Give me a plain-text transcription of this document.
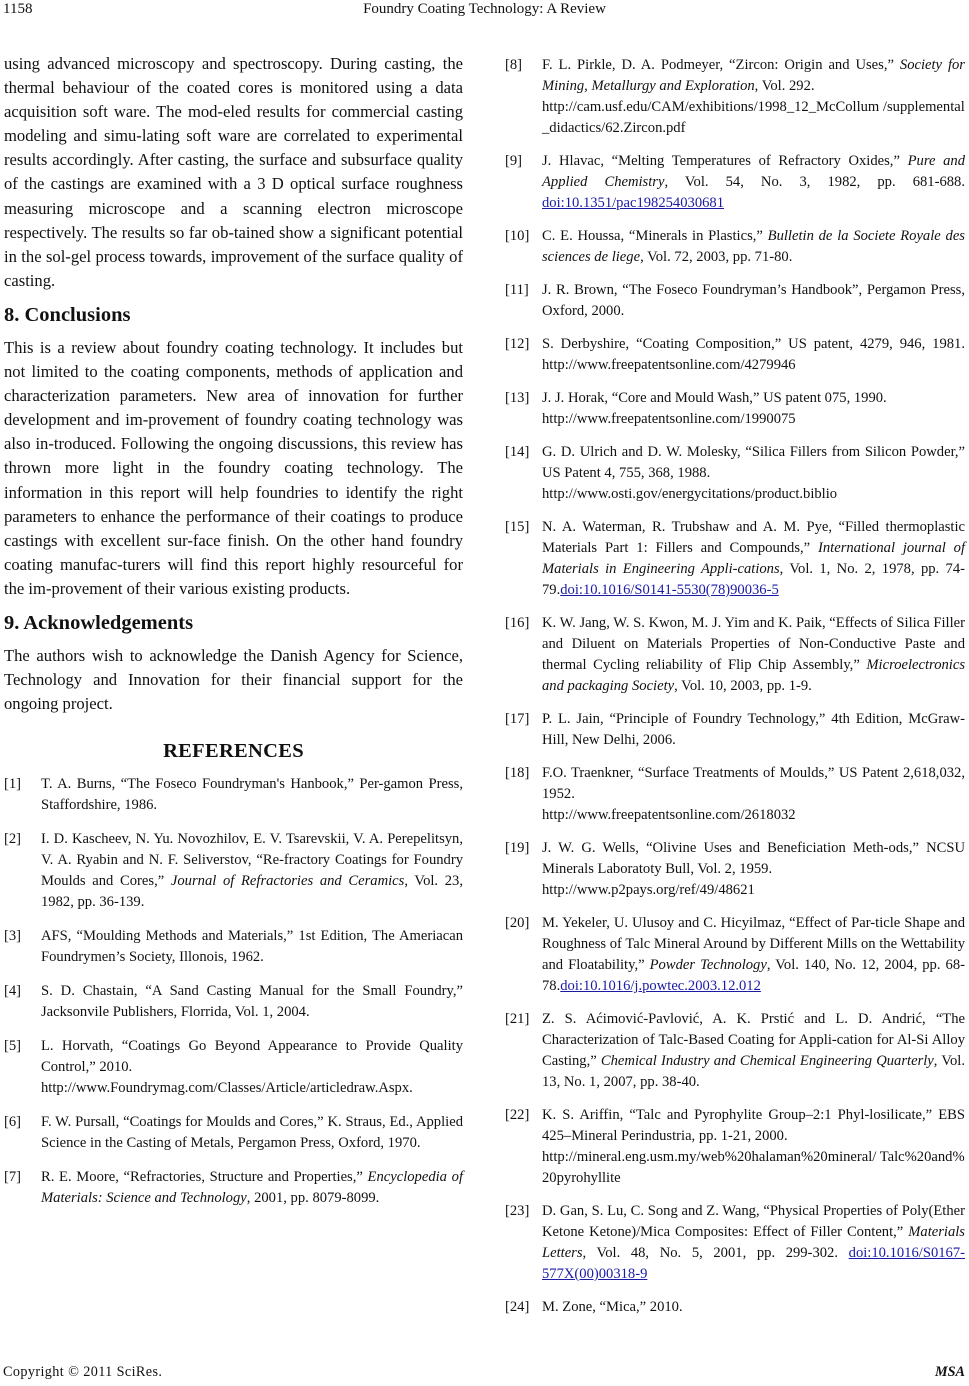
1158	Foundry Coating Technology: A Review

using advanced microscopy and spectroscopy. During casting, the thermal behaviour of the coated cores is monitored using a data acquisition soft ware. The mod-eled results for commercial casting modeling and simu-lating soft ware are correlated to experimental results accordingly. After casting, the surface and subsurface quality of the castings are examined with a 3 D optical surface roughness measuring microscope and a scanning electron microscope respectively. The results so far ob-tained show a significant potential in the sol-gel process towards, improvement of the surface quality of casting.

8. Conclusions

This is a review about foundry coating technology. It includes but not limited to the coating components, methods of application and characterization parameters. New area of innovation for further development and im-provement of foundry coating technology was also in-troduced. Following the ongoing discussions, this review has thrown more light in the foundry coating technology. The information in this report will help foundries to identify the right parameters to enhance the performance of their coatings to produce castings with excellent sur-face finish. On the other hand foundry coating manufac-turers will find this report highly resourceful for the im-provement of their various existing products.

9. Acknowledgements

The authors wish to acknowledge the Danish Agency for Science, Technology and Innovation for their financial support for the ongoing project.

REFERENCES
[1]	T. A. Burns, “The Foseco Foundryman's Hanbook,” Per-gamon Press, Staffordshire, 1986.
[2]	I. D. Kascheev, N. Yu. Novozhilov, E. V. Tsarevskii, V. A. Perepelitsyn, V. A. Ryabin and N. F. Seliverstov, “Re-fractory Coatings for Foundry Moulds and Cores,” Journal of Refractories and Ceramics, Vol. 23, 1982, pp. 36-139.
[3]	AFS, “Moulding Methods and Materials,” 1st Edition, The Ameriacan Foundrymen’s Society, Illonois, 1962.
[4]	S. D. Chastain, “A Sand Casting Manual for the Small Foundry,” Jacksonvile Publishers, Florrida, Vol. 1, 2004.
[5]	L. Horvath, “Coatings Go Beyond Appearance to Provide Quality Control,” 2010.
http://www.Foundrymag.com/Classes/Article/articledraw.Aspx.
[6]	F. W. Pursall, “Coatings for Moulds and Cores,” K. Straus, Ed., Applied Science in the Casting of Metals, Pergamon Press, Oxford, 1970.
[7]	R. E. Moore, “Refractories, Structure and Properties,” Encyclopedia of Materials: Science and Technology, 2001, pp. 8079-8099.
[8]	F. L. Pirkle, D. A. Podmeyer, “Zircon: Origin and Uses,” Society for Mining, Metallurgy and Exploration, Vol. 292.
http://cam.usf.edu/CAM/exhibitions/1998_12_McCollum /supplemental_didactics/62.Zircon.pdf
[9]	J. Hlavac, “Melting Temperatures of Refractory Oxides,” Pure and Applied Chemistry, Vol. 54, No. 3, 1982, pp. 681-688. doi:10.1351/pac198254030681
[10] C. E. Houssa, “Minerals in Plastics,” Bulletin de la Societe Royale des sciences de liege, Vol. 72, 2003, pp. 71-80.
[11] J. R. Brown, “The Foseco Foundryman’s Handbook”, Pergamon Press, Oxford, 2000.
[12] S. Derbyshire, “Coating Composition,” US patent, 4279, 946, 1981. http://www.freepatentsonline.com/4279946
[13] J. J. Horak, “Core and Mould Wash,” US patent 075, 1990.
http://www.freepatentsonline.com/1990075
[14] G. D. Ulrich and D. W. Molesky, “Silica Fillers from Silicon Powder,” US Patent 4, 755, 368, 1988.
http://www.osti.gov/energycitations/product.biblio
[15] N. A. Waterman, R. Trubshaw and A. M. Pye, “Filled thermoplastic Materials Part 1: Fillers and Compounds,” International journal of Materials in Engineering Appli-cations, Vol. 1, No. 2, 1978, pp. 74-79.doi:10.1016/S0141-5530(78)90036-5
[16] K. W. Jang, W. S. Kwon, M. J. Yim and K. Paik, “Effects of Silica Filler and Diluent on Materials Properties of Non-Conductive Paste and thermal Cycling reliability of Flip Chip Assembly,” Microelectronics and packaging Society, Vol. 10, 2003, pp. 1-9.
[17] P. L. Jain, “Principle of Foundry Technology,” 4th Edition, McGraw-Hill, New Delhi, 2006.
[18] F.O. Traenkner, “Surface Treatments of Moulds,” US Patent 2,618,032, 1952.
http://www.freepatentsonline.com/2618032
[19] J. W. G. Wells, “Olivine Uses and Beneficiation Meth-ods,” NCSU Minerals Laboratoty Bull, Vol. 2, 1959.
http://www.p2pays.org/ref/49/48621
[20] M. Yekeler, U. Ulusoy and C. Hicyilmaz, “Effect of Par-ticle Shape and Roughness of Talc Mineral Around by Different Mills on the Wettability and Floatability,” Powder Technology, Vol. 140, No. 12, 2004, pp. 68-78.doi:10.1016/j.powtec.2003.12.012
[21] Z. S. Aćimović-Pavlović, A. K. Prstić and L. D. Andrić, “The Characterization of Talc-Based Coating for Appli-cation for Al-Si Alloy Casting,” Chemical Industry and Chemical Engineering Quarterly, Vol. 13, No. 1, 2007, pp. 38-40.
[22] K. S. Ariffin, “Talc and Pyrophylite Group–2:1 Phyl-losilicate,” EBS 425–Mineral Perindustria, pp. 1-21, 2000.
http://mineral.eng.usm.my/web%20halaman%20mineral/ Talc%20and%20pyrohyllite
[23] D. Gan, S. Lu, C. Song and Z. Wang, “Physical Properties of Poly(Ether Ketone Ketone)/Mica Composites: Effect of Filler Content,” Materials Letters, Vol. 48, No. 5, 2001, pp. 299-302. doi:10.1016/S0167-577X(00)00318-9
[24] M. Zone, “Mica,” 2010.
Copyright © 2011 SciRes.	MSA
